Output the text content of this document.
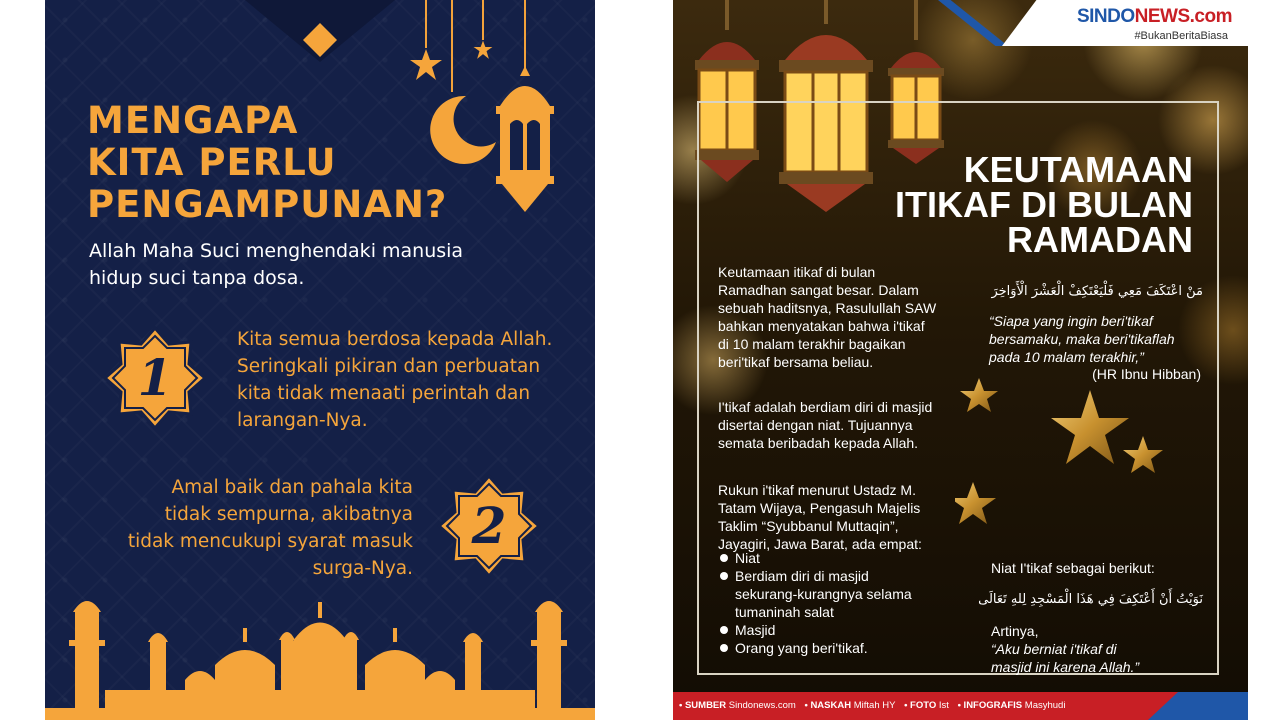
MENGAPA
KITA PERLU
PENGAMPUNAN?
Allah Maha Suci menghendaki manusia
hidup suci tanpa dosa.
1
Kita semua berdosa kepada Allah.
Seringkali pikiran dan perbuatan
kita tidak menaati perintah dan
larangan-Nya.
2
Amal baik dan pahala kita
tidak sempurna, akibatnya
tidak mencukupi syarat masuk
surga-Nya.
SINDONEWS.com
#BukanBeritaBiasa
KEUTAMAAN
ITIKAF DI BULAN
RAMADAN
Keutamaan itikaf di bulan
Ramadhan sangat besar. Dalam
sebuah haditsnya, Rasulullah SAW
bahkan menyatakan bahwa i'tikaf
di 10 malam terakhir bagaikan
beri'tikaf bersama beliau.
I'tikaf adalah berdiam diri di masjid
disertai dengan niat. Tujuannya
semata beribadah kepada Allah.
Rukun i'tikaf menurut Ustadz M.
Tatam Wijaya, Pengasuh Majelis
Taklim “Syubbanul Muttaqin”,
Jayagiri, Jawa Barat, ada empat:
Niat
Berdiam diri di masjid
sekurang-kurangnya selama
tumaninah salat
Masjid
Orang yang beri'tikaf.
مَنْ اعْتَكَفَ مَعِي فَلْيَعْتَكِفْ الْعَشْرَ الْأَوَاخِرَ
“Siapa yang ingin beri'tikaf
bersamaku, maka beri'tikaflah
pada 10 malam terakhir,”
(HR Ibnu Hibban)
Niat I'tikaf sebagai berikut:
نَوَيْتُ أَنْ أَعْتَكِفَ فِي هَذَا الْمَسْجِدِ لِلهِ تَعَالَى
Artinya,
“Aku berniat i'tikaf di
masjid ini karena Allah.”
• SUMBER Sindonews.com • NASKAH Miftah HY • FOTO Ist • INFOGRAFIS Masyhudi
